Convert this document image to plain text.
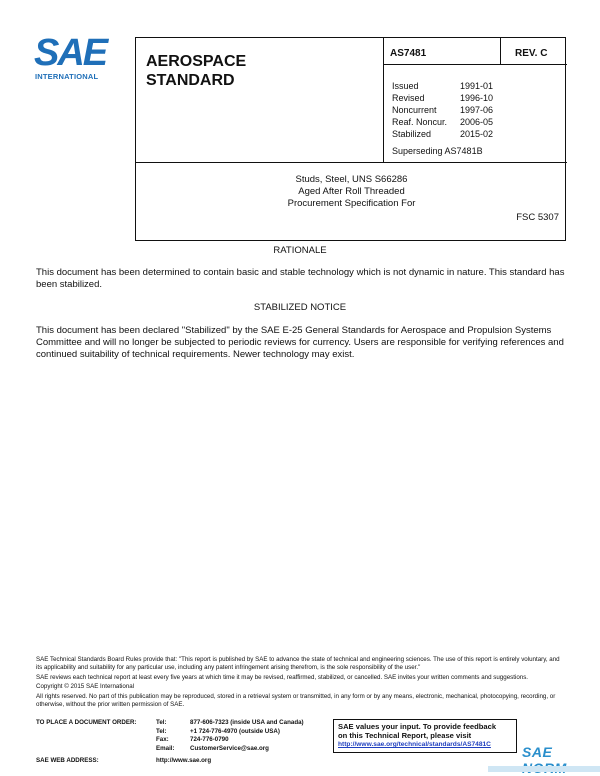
SAE
INTERNATIONAL
AEROSPACE
STANDARD
AS7481	REV. C
Issued	1991-01
Revised	1996-10
Noncurrent	1997-06
Reaf. Noncur.	2006-05
Stabilized	2015-02
Superseding AS7481B
Studs, Steel, UNS S66286
Aged After Roll Threaded
Procurement Specification For
FSC 5307
RATIONALE
This document has been determined to contain basic and stable technology which is not dynamic in nature. This standard has been stabilized.
STABILIZED NOTICE
This document has been declared "Stabilized" by the SAE E-25 General Standards for Aerospace and Propulsion Systems Committee and will no longer be subjected to periodic reviews for currency. Users are responsible for verifying references and continued suitability of technical requirements. Newer technology may exist.

SAE Technical Standards Board Rules provide that: "This report is published by SAE to advance the state of technical and engineering sciences. The use of this report is entirely voluntary, and its applicability and suitability for any particular use, including any patent infringement arising therefrom, is the sole responsibility of the user."

SAE reviews each technical report at least every five years at which time it may be revised, reaffirmed, stabilized, or cancelled. SAE invites your written comments and suggestions.

Copyright © 2015 SAE International

All rights reserved. No part of this publication may be reproduced, stored in a retrieval system or transmitted, in any form or by any means, electronic, mechanical, photocopying, recording, or otherwise, without the prior written permission of SAE.

TO PLACE A DOCUMENT ORDER:	Tel:	877-606-7323 (inside USA and Canada)
Tel:	+1 724-776-4970 (outside USA)
Fax:	724-776-0790
Email:	CustomerService@sae.org
SAE values your input. To provide feedback
on this Technical Report, please visit
http://www.sae.org/technical/standards/AS7481C
SAE WEB ADDRESS:	http://www.sae.org
SAE
